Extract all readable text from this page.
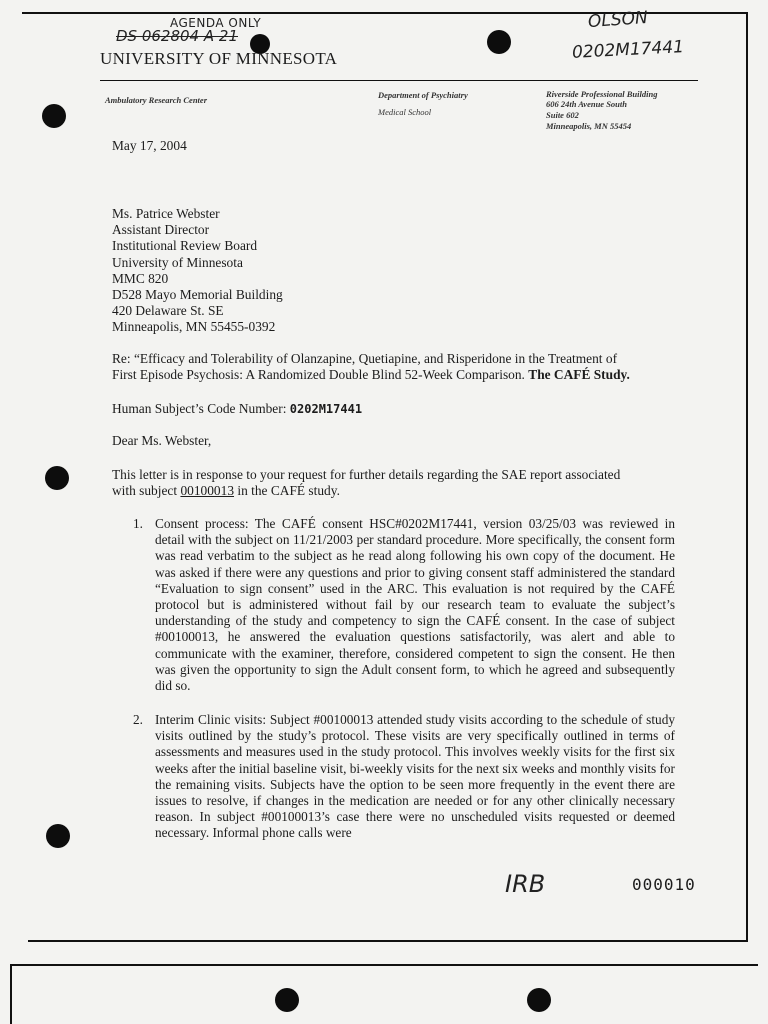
AGENDA ONLY
DS 062804 A 21
OLSON
0202M17441
UNIVERSITY OF MINNESOTA
Ambulatory Research Center	Department of Psychiatry
Medical School
Riverside Professional Building
606 24th Avenue South
Suite 602
Minneapolis, MN 55454
May 17, 2004
Ms. Patrice Webster
Assistant Director
Institutional Review Board
University of Minnesota
MMC 820
D528 Mayo Memorial Building
420 Delaware St. SE
Minneapolis, MN 55455-0392
Re: “Efficacy and Tolerability of Olanzapine, Quetiapine, and Risperidone in the Treatment of
First Episode Psychosis: A Randomized Double Blind 52-Week Comparison. The CAFÉ Study.
Human Subject’s Code Number: 0202M17441
Dear Ms. Webster,
This letter is in response to your request for further details regarding the SAE report associated
with subject 00100013 in the CAFÉ study.
1. Consent process: The CAFÉ consent HSC#0202M17441, version 03/25/03 was reviewed in detail with the subject on 11/21/2003 per standard procedure. More specifically, the consent form was read verbatim to the subject as he read along following his own copy of the document. He was asked if there were any questions and prior to giving consent staff administered the standard “Evaluation to sign consent” used in the ARC. This evaluation is not required by the CAFÉ protocol but is administered without fail by our research team to evaluate the subject’s understanding of the study and competency to sign the CAFÉ consent. In the case of subject #00100013, he answered the evaluation questions satisfactorily, was alert and able to communicate with the examiner, therefore, considered competent to sign the consent. He then was given the opportunity to sign the Adult consent form, to which he agreed and subsequently did so.
2. Interim Clinic visits: Subject #00100013 attended study visits according to the schedule of study visits outlined by the study’s protocol. These visits are very specifically outlined in terms of assessments and measures used in the study protocol. This involves weekly visits for the first six weeks after the initial baseline visit, bi-weekly visits for the next six weeks and monthly visits for the remaining visits. Subjects have the option to be seen more frequently in the event there are issues to resolve, if changes in the medication are needed or for any other clinically necessary reason. In subject #00100013’s case there were no unscheduled visits requested or deemed necessary. Informal phone calls were
IRB	000010
